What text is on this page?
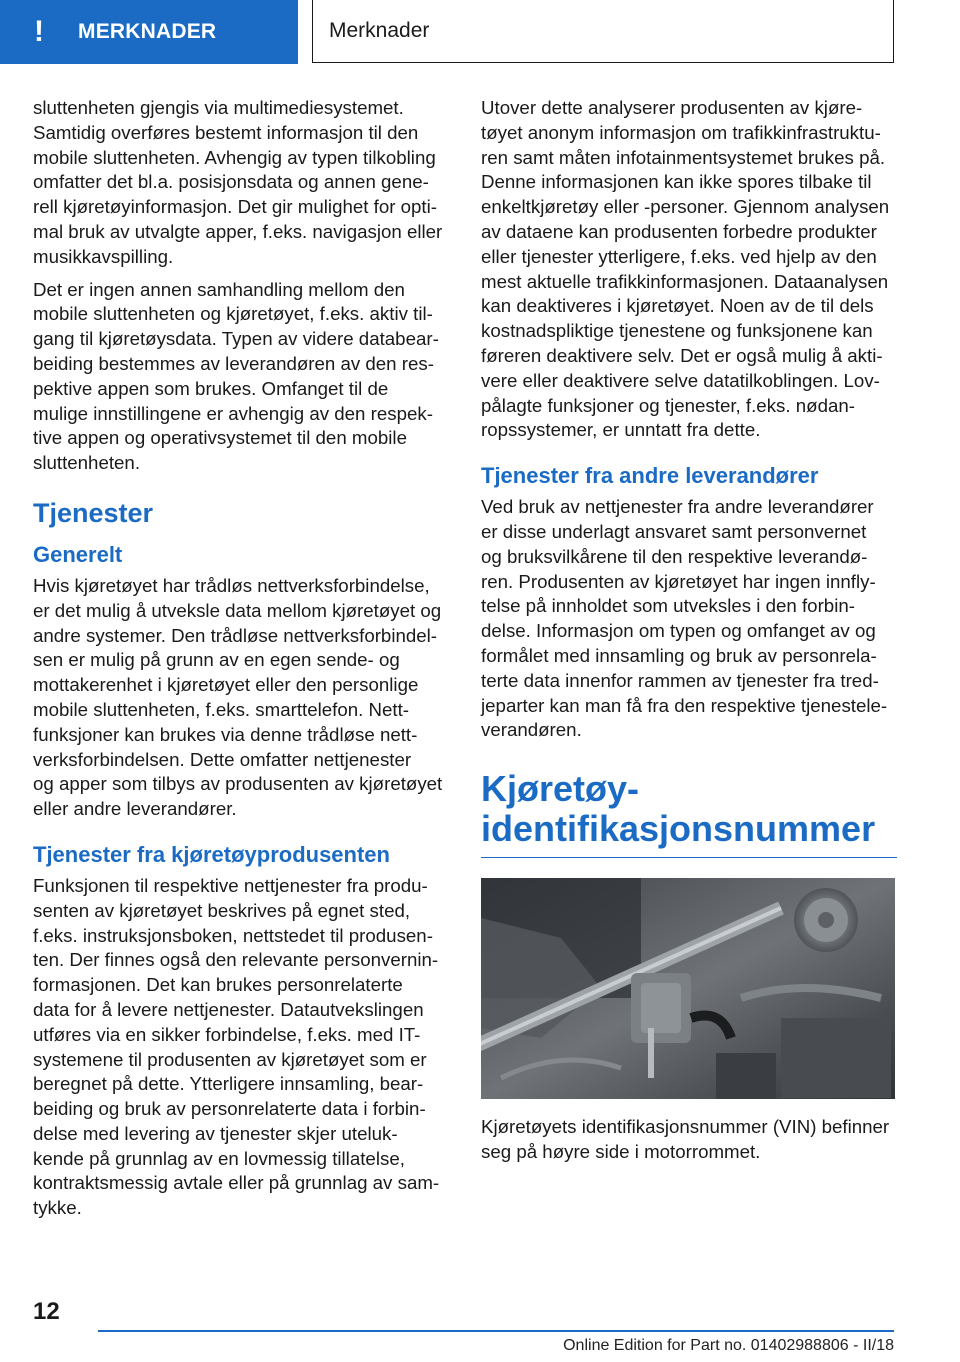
!	MERKNADER	Merknader

sluttenheten gjengis via multimediesystemet.
Samtidig overføres bestemt informasjon til den
mobile sluttenheten. Avhengig av typen tilkobling
omfatter det bl.a. posisjonsdata og annen gene-
rell kjøretøyinformasjon. Det gir mulighet for opti-
mal bruk av utvalgte apper, f.eks. navigasjon eller
musikkavspilling.

Det er ingen annen samhandling mellom den
mobile sluttenheten og kjøretøyet, f.eks. aktiv til-
gang til kjøretøysdata. Typen av videre databear-
beiding bestemmes av leverandøren av den res-
pektive appen som brukes. Omfanget til de
mulige innstillingene er avhengig av den respek-
tive appen og operativsystemet til den mobile
sluttenheten.

Tjenester
Generelt

Hvis kjøretøyet har trådløs nettverksforbindelse,
er det mulig å utveksle data mellom kjøretøyet og
andre systemer. Den trådløse nettverksforbindel-
sen er mulig på grunn av en egen sende- og
mottakerenhet i kjøretøyet eller den personlige
mobile sluttenheten, f.eks. smarttelefon. Nett-
funksjoner kan brukes via denne trådløse nett-
verksforbindelsen. Dette omfatter nettjenester
og apper som tilbys av produsenten av kjøretøyet
eller andre leverandører.

Tjenester fra kjøretøyprodusenten

Funksjonen til respektive nettjenester fra produ-
senten av kjøretøyet beskrives på egnet sted,
f.eks. instruksjonsboken, nettstedet til produsen-
ten. Der finnes også den relevante personvernin-
formasjonen. Det kan brukes personrelaterte
data for å levere nettjenester. Datautvekslingen
utføres via en sikker forbindelse, f.eks. med IT-
systemene til produsenten av kjøretøyet som er
beregnet på dette. Ytterligere innsamling, bear-
beiding og bruk av personrelaterte data i forbin-
delse med levering av tjenester skjer uteluk-
kende på grunnlag av en lovmessig tillatelse,
kontraktsmessig avtale eller på grunnlag av sam-
tykke.

Utover dette analyserer produsenten av kjøre-
tøyet anonym informasjon om trafikkinfrastruktu-
ren samt måten infotainmentsystemet brukes på.
Denne informasjonen kan ikke spores tilbake til
enkeltkjøretøy eller -personer. Gjennom analysen
av dataene kan produsenten forbedre produkter
eller tjenester ytterligere, f.eks. ved hjelp av den
mest aktuelle trafikkinformasjonen. Dataanalysen
kan deaktiveres i kjøretøyet. Noen av de til dels
kostnadspliktige tjenestene og funksjonene kan
føreren deaktivere selv. Det er også mulig å akti-
vere eller deaktivere selve datatilkoblingen. Lov-
pålagte funksjoner og tjenester, f.eks. nødan-
ropssystemer, er unntatt fra dette.

Tjenester fra andre leverandører

Ved bruk av nettjenester fra andre leverandører
er disse underlagt ansvaret samt personvernet
og bruksvilkårene til den respektive leverandø-
ren. Produsenten av kjøretøyet har ingen innfly-
telse på innholdet som utveksles i den forbin-
delse. Informasjon om typen og omfanget av og
formålet med innsamling og bruk av personrela-
terte data innenfor rammen av tjenester fra tred-
jeparter kan man få fra den respektive tjenestele-
verandøren.

Kjøretøy-
identifikasjonsnummer

Kjøretøyets identifikasjonsnummer (VIN) befinner
seg på høyre side i motorrommet.

12
Online Edition for Part no. 01402988806 - II/18
